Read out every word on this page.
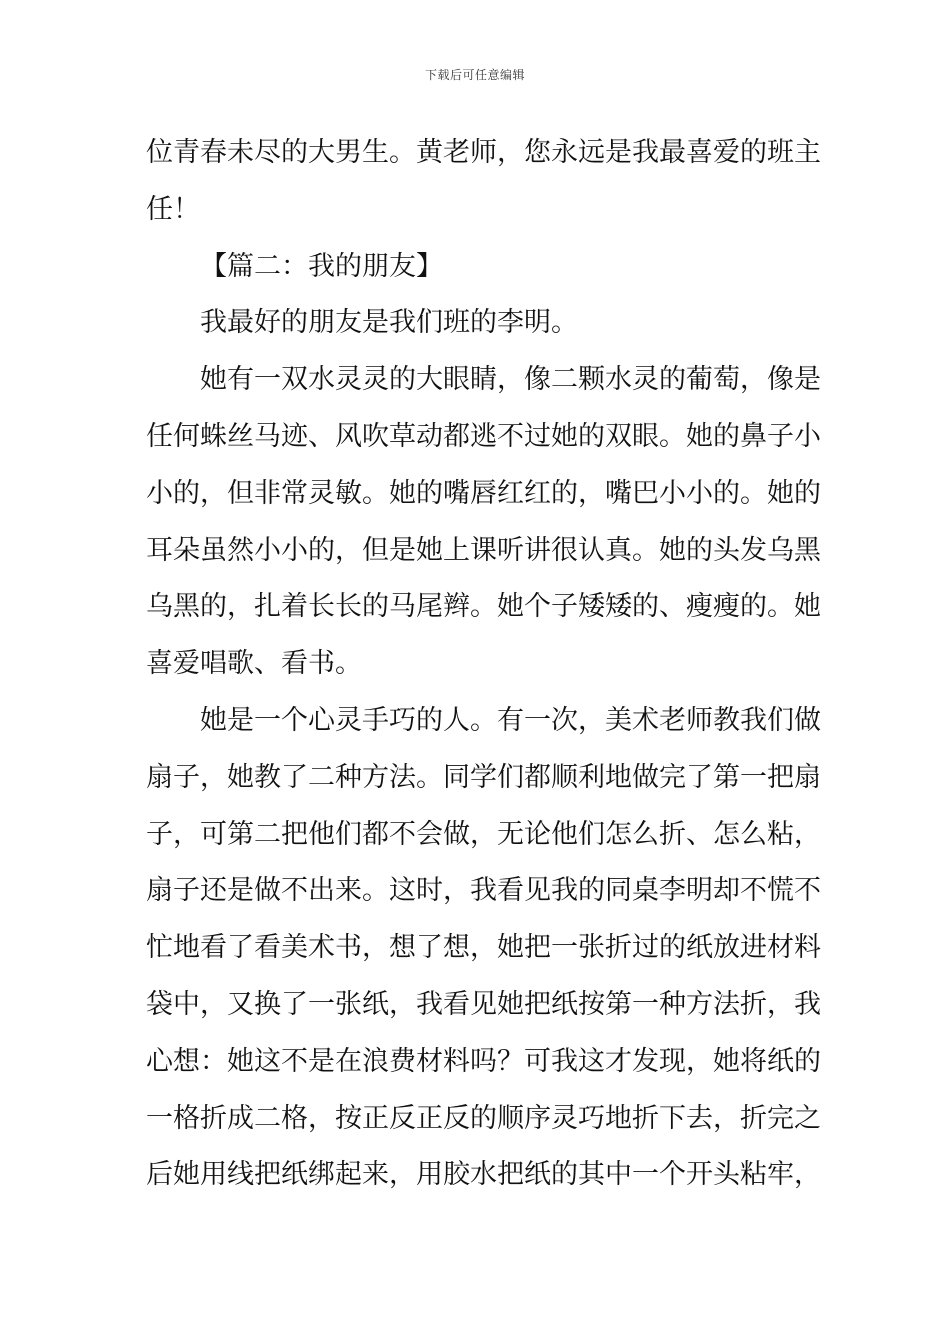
下载后可任意编辑
位青春未尽的大男生。黄老师，您永远是我最喜爱的班主
任！
【篇二：我的朋友】
我最好的朋友是我们班的李明。
她有一双水灵灵的大眼睛，像二颗水灵的葡萄，像是
任何蛛丝马迹、风吹草动都逃不过她的双眼。她的鼻子小
小的，但非常灵敏。她的嘴唇红红的，嘴巴小小的。她的
耳朵虽然小小的，但是她上课听讲很认真。她的头发乌黑
乌黑的，扎着长长的马尾辫。她个子矮矮的、瘦瘦的。她
喜爱唱歌、看书。
她是一个心灵手巧的人。有一次，美术老师教我们做
扇子，她教了二种方法。同学们都顺利地做完了第一把扇
子，可第二把他们都不会做，无论他们怎么折、怎么粘，
扇子还是做不出来。这时，我看见我的同桌李明却不慌不
忙地看了看美术书，想了想，她把一张折过的纸放进材料
袋中，又换了一张纸，我看见她把纸按第一种方法折，我
心想：她这不是在浪费材料吗？可我这才发现，她将纸的
一格折成二格，按正反正反的顺序灵巧地折下去，折完之
后她用线把纸绑起来，用胶水把纸的其中一个开头粘牢，
